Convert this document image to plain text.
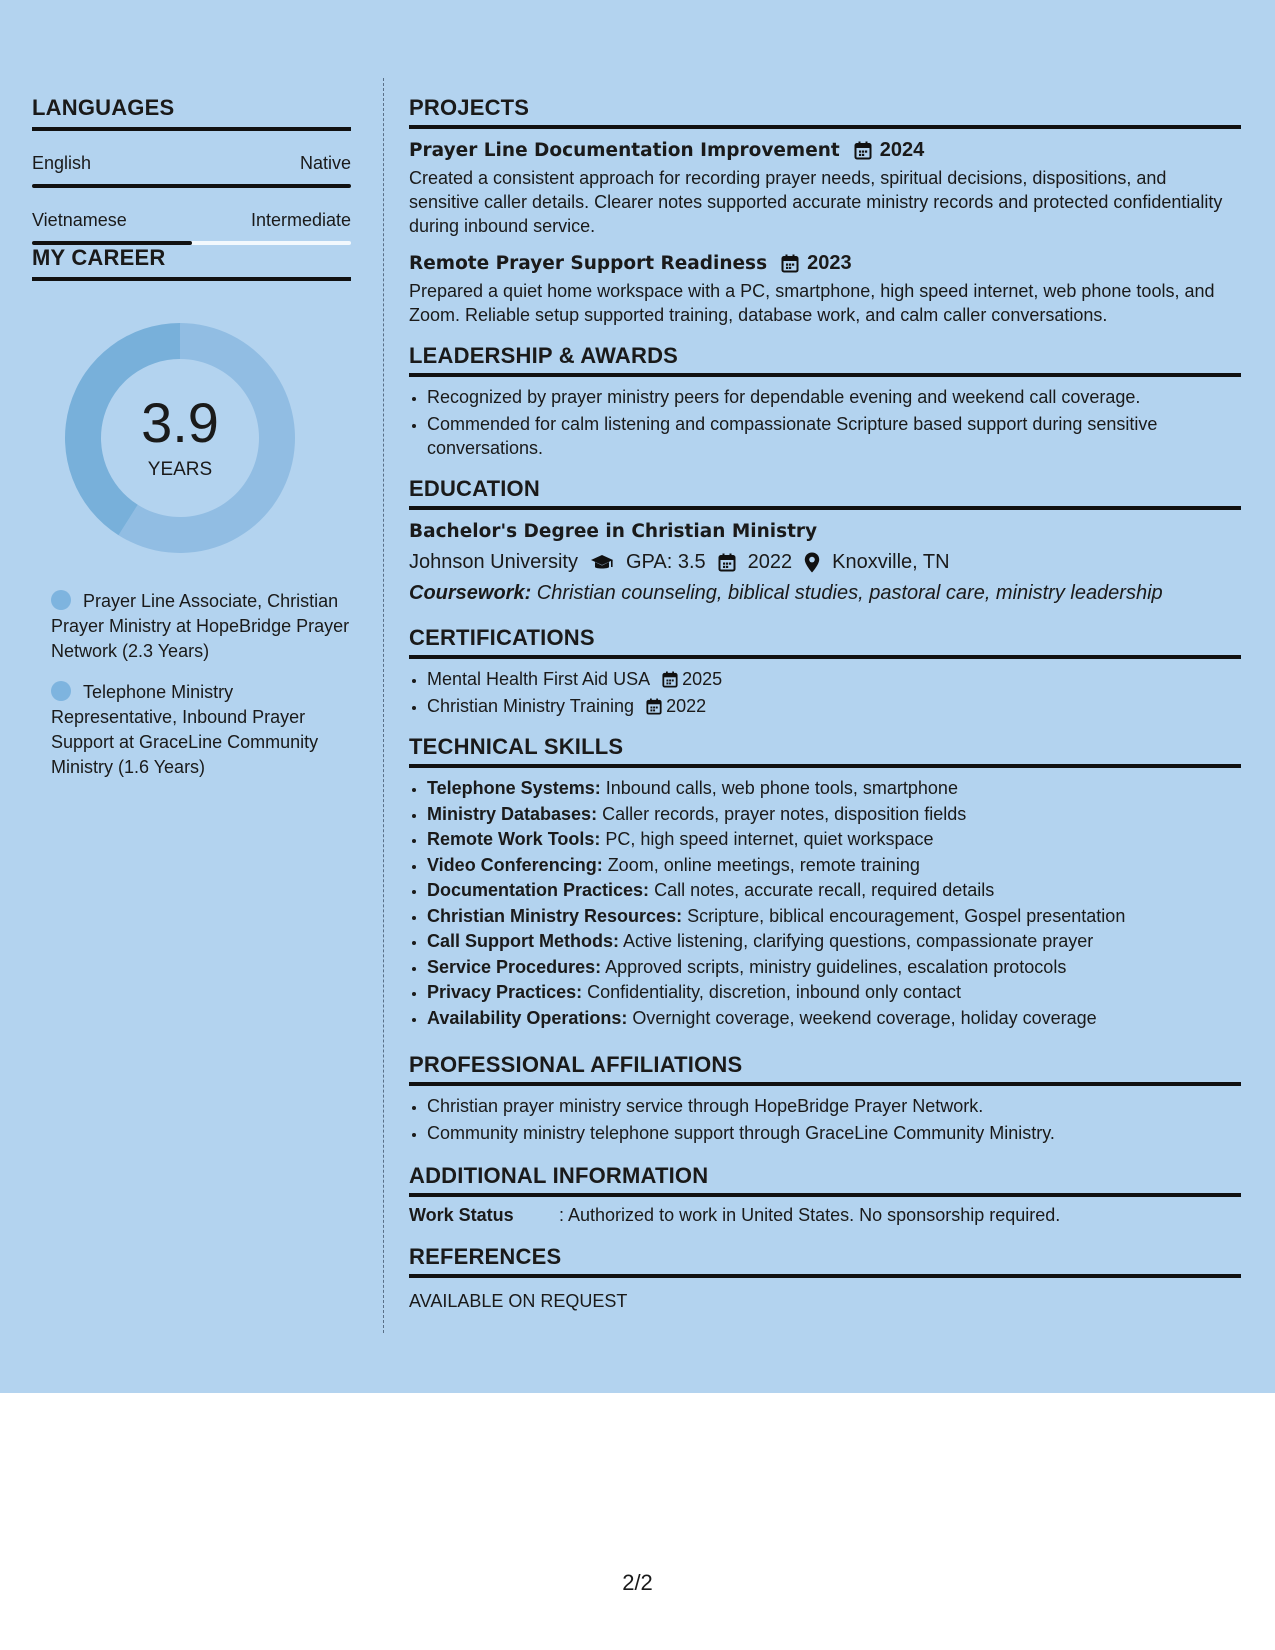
LANGUAGES
English	Native
Vietnamese	Intermediate
MY CAREER
3.9
YEARS
Prayer Line Associate, Christian Prayer Ministry at HopeBridge Prayer Network (2.3 Years)
Telephone Ministry Representative, Inbound Prayer Support at GraceLine Community Ministry (1.6 Years)
PROJECTS
Prayer Line Documentation Improvement 2024
Created a consistent approach for recording prayer needs, spiritual decisions, dispositions, and sensitive caller details. Clearer notes supported accurate ministry records and protected confidentiality during inbound service.
Remote Prayer Support Readiness 2023
Prepared a quiet home workspace with a PC, smartphone, high speed internet, web phone tools, and Zoom. Reliable setup supported training, database work, and calm caller conversations.
LEADERSHIP & AWARDS
• Recognized by prayer ministry peers for dependable evening and weekend call coverage.
• Commended for calm listening and compassionate Scripture based support during sensitive conversations.
EDUCATION
Bachelor's Degree in Christian Ministry
Johnson University GPA: 3.5 2022 Knoxville, TN
Coursework: Christian counseling, biblical studies, pastoral care, ministry leadership
CERTIFICATIONS
• Mental Health First Aid USA 2025
• Christian Ministry Training 2022
TECHNICAL SKILLS
• Telephone Systems: Inbound calls, web phone tools, smartphone
• Ministry Databases: Caller records, prayer notes, disposition fields
• Remote Work Tools: PC, high speed internet, quiet workspace
• Video Conferencing: Zoom, online meetings, remote training
• Documentation Practices: Call notes, accurate recall, required details
• Christian Ministry Resources: Scripture, biblical encouragement, Gospel presentation
• Call Support Methods: Active listening, clarifying questions, compassionate prayer
• Service Procedures: Approved scripts, ministry guidelines, escalation protocols
• Privacy Practices: Confidentiality, discretion, inbound only contact
• Availability Operations: Overnight coverage, weekend coverage, holiday coverage
PROFESSIONAL AFFILIATIONS
• Christian prayer ministry service through HopeBridge Prayer Network.
• Community ministry telephone support through GraceLine Community Ministry.
ADDITIONAL INFORMATION
Work Status	: Authorized to work in United States. No sponsorship required.
REFERENCES
AVAILABLE ON REQUEST
2/2
